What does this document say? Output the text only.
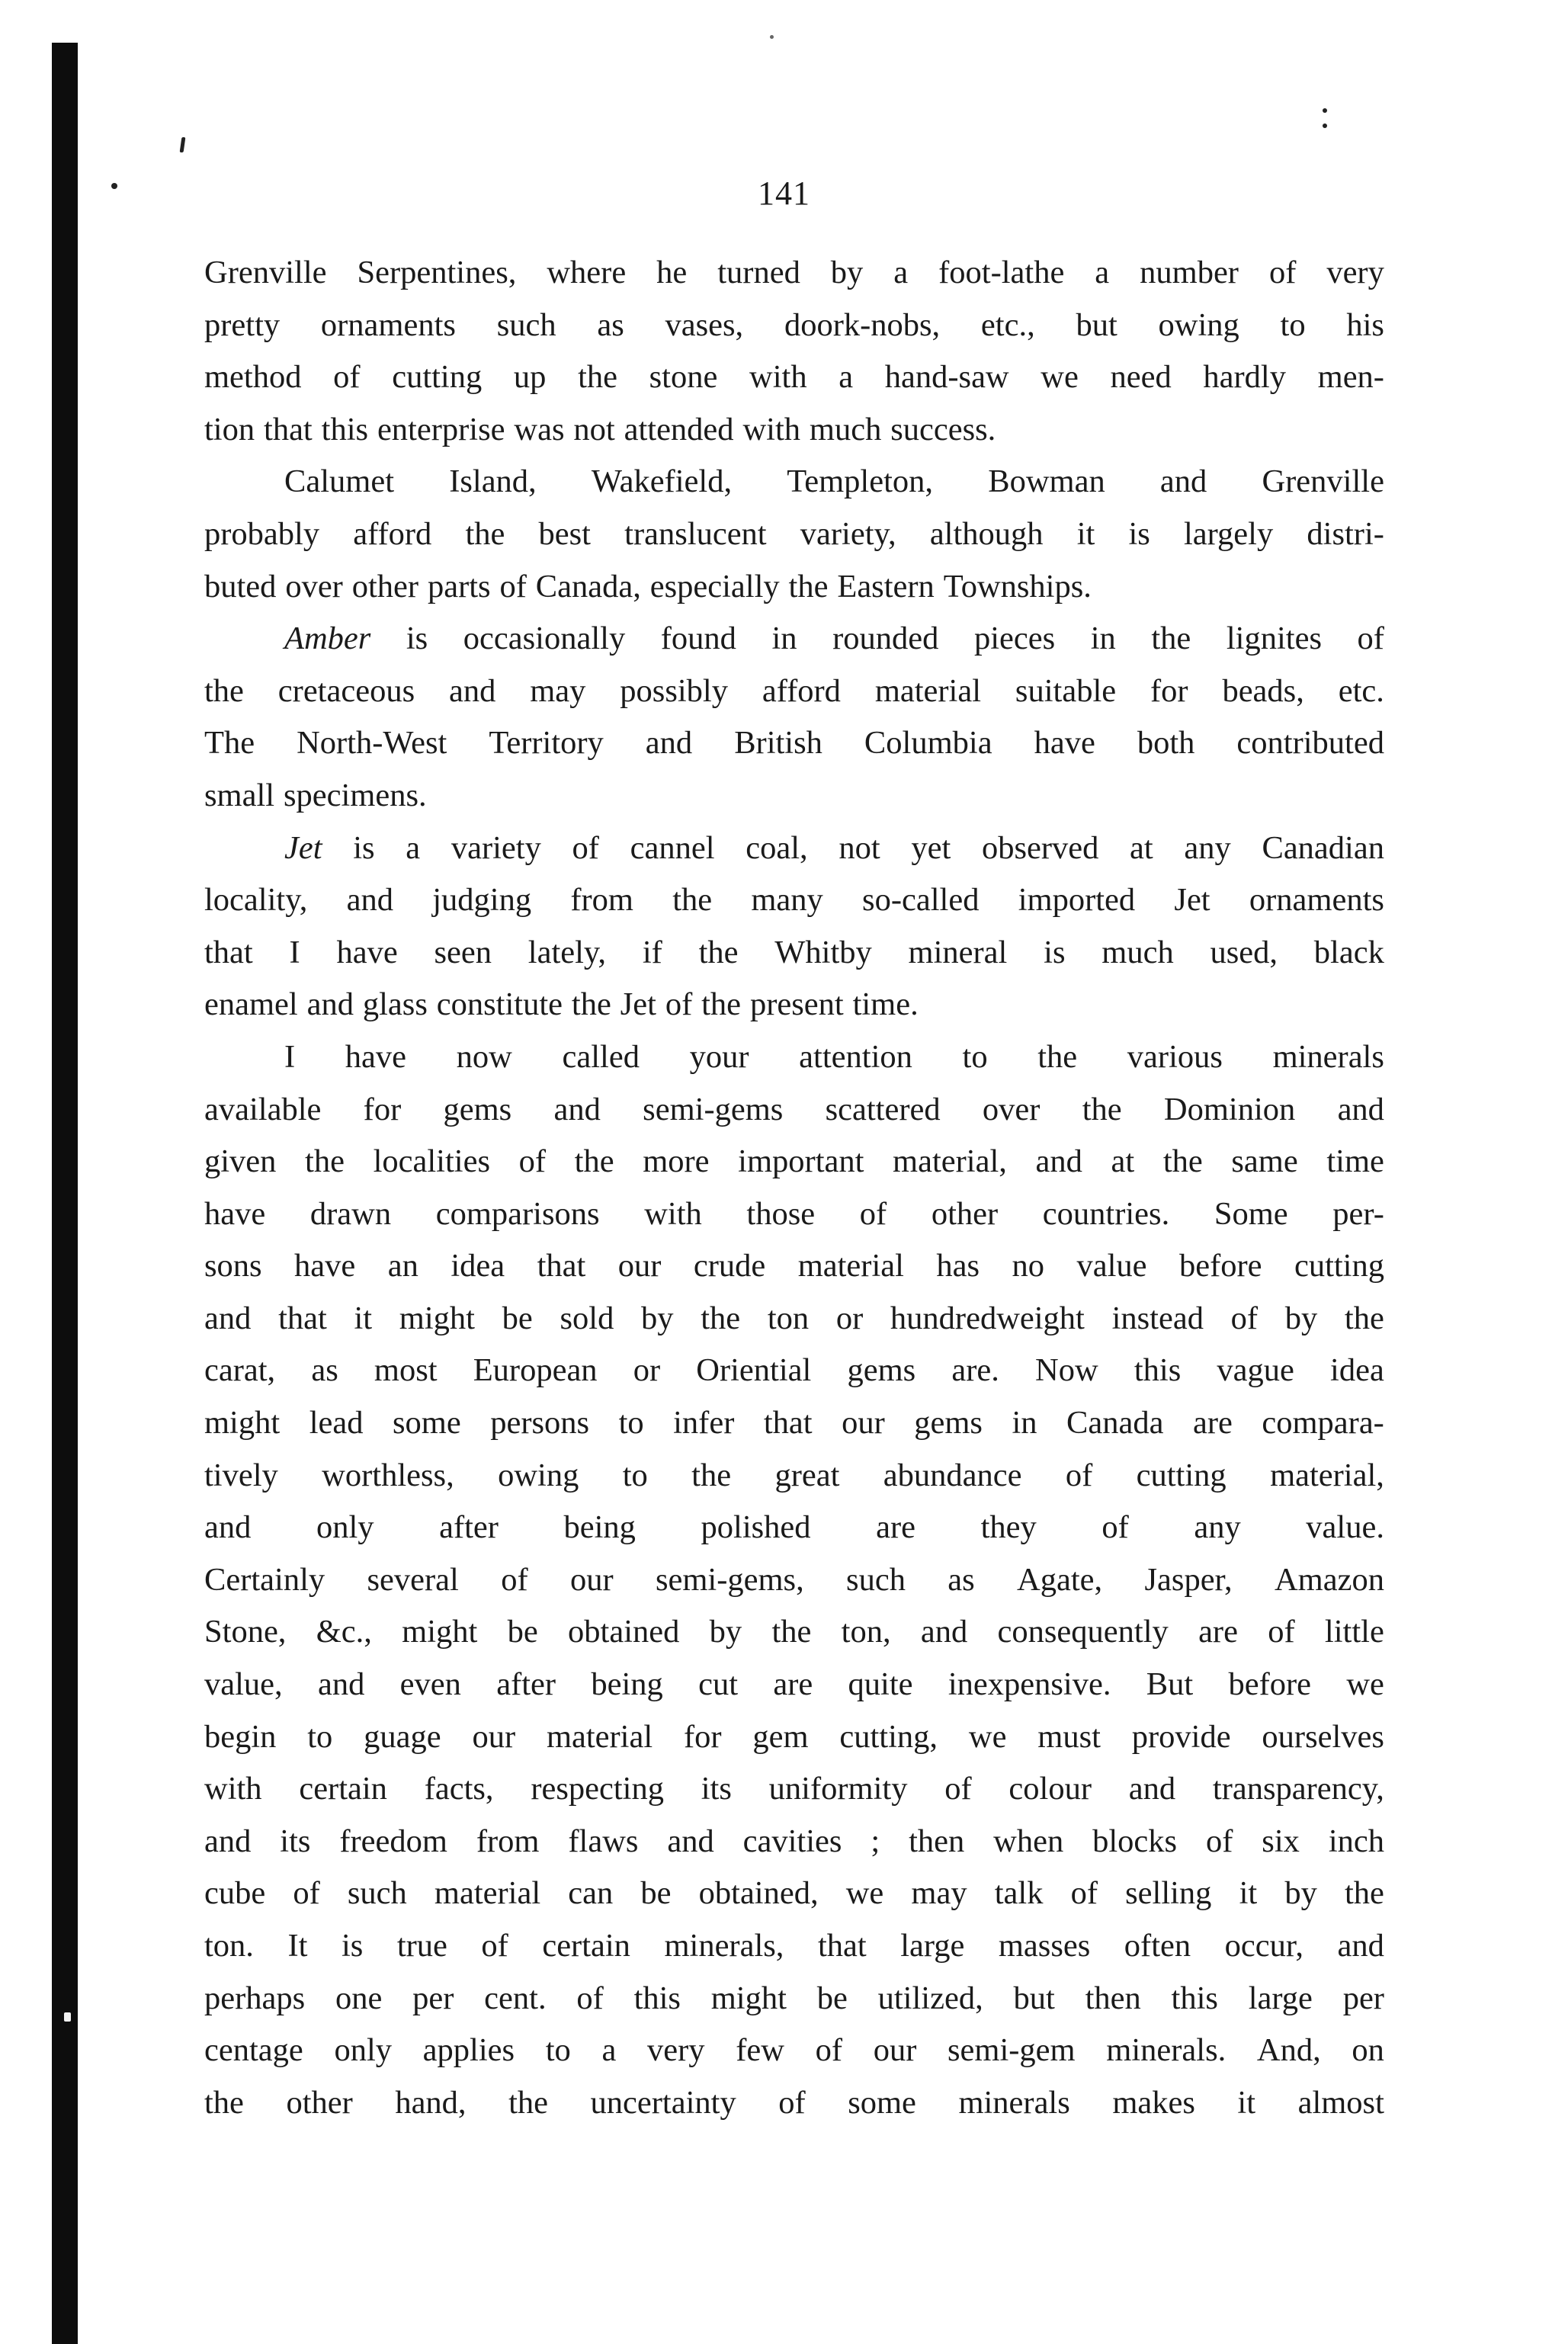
141
Grenville Serpentines, where he turned by a foot-lathe a number of very
pretty ornaments such as vases, doork-nobs, etc., but owing to his
method of cutting up the stone with a hand-saw we need hardly men-
tion that this enterprise was not attended with much success.
Calumet Island, Wakefield, Templeton, Bowman and Grenville
probably afford the best translucent variety, although it is largely distri-
buted over other parts of Canada, especially the Eastern Townships.
Amber is occasionally found in rounded pieces in the lignites of
the cretaceous and may possibly afford material suitable for beads, etc.
The North-West Territory and British Columbia have both contributed
small specimens.
Jet is a variety of cannel coal, not yet observed at any Canadian
locality, and judging from the many so-called imported Jet ornaments
that I have seen lately, if the Whitby mineral is much used, black
enamel and glass constitute the Jet of the present time.
I have now called your attention to the various minerals
available for gems and semi-gems scattered over the Dominion and
given the localities of the more important material, and at the same time
have drawn comparisons with those of other countries. Some per-
sons have an idea that our crude material has no value before cutting
and that it might be sold by the ton or hundredweight instead of by the
carat, as most European or Oriential gems are. Now this vague idea
might lead some persons to infer that our gems in Canada are compara-
tively worthless, owing to the great abundance of cutting material,
and only after being polished are they of any value.
Certainly several of our semi-gems, such as Agate, Jasper, Amazon
Stone, &c., might be obtained by the ton, and consequently are of little
value, and even after being cut are quite inexpensive. But before we
begin to guage our material for gem cutting, we must provide ourselves
with certain facts, respecting its uniformity of colour and transparency,
and its freedom from flaws and cavities ; then when blocks of six inch
cube of such material can be obtained, we may talk of selling it by the
ton. It is true of certain minerals, that large masses often occur, and
perhaps one per cent. of this might be utilized, but then this large per
centage only applies to a very few of our semi-gem minerals. And, on
the other hand, the uncertainty of some minerals makes it almost
